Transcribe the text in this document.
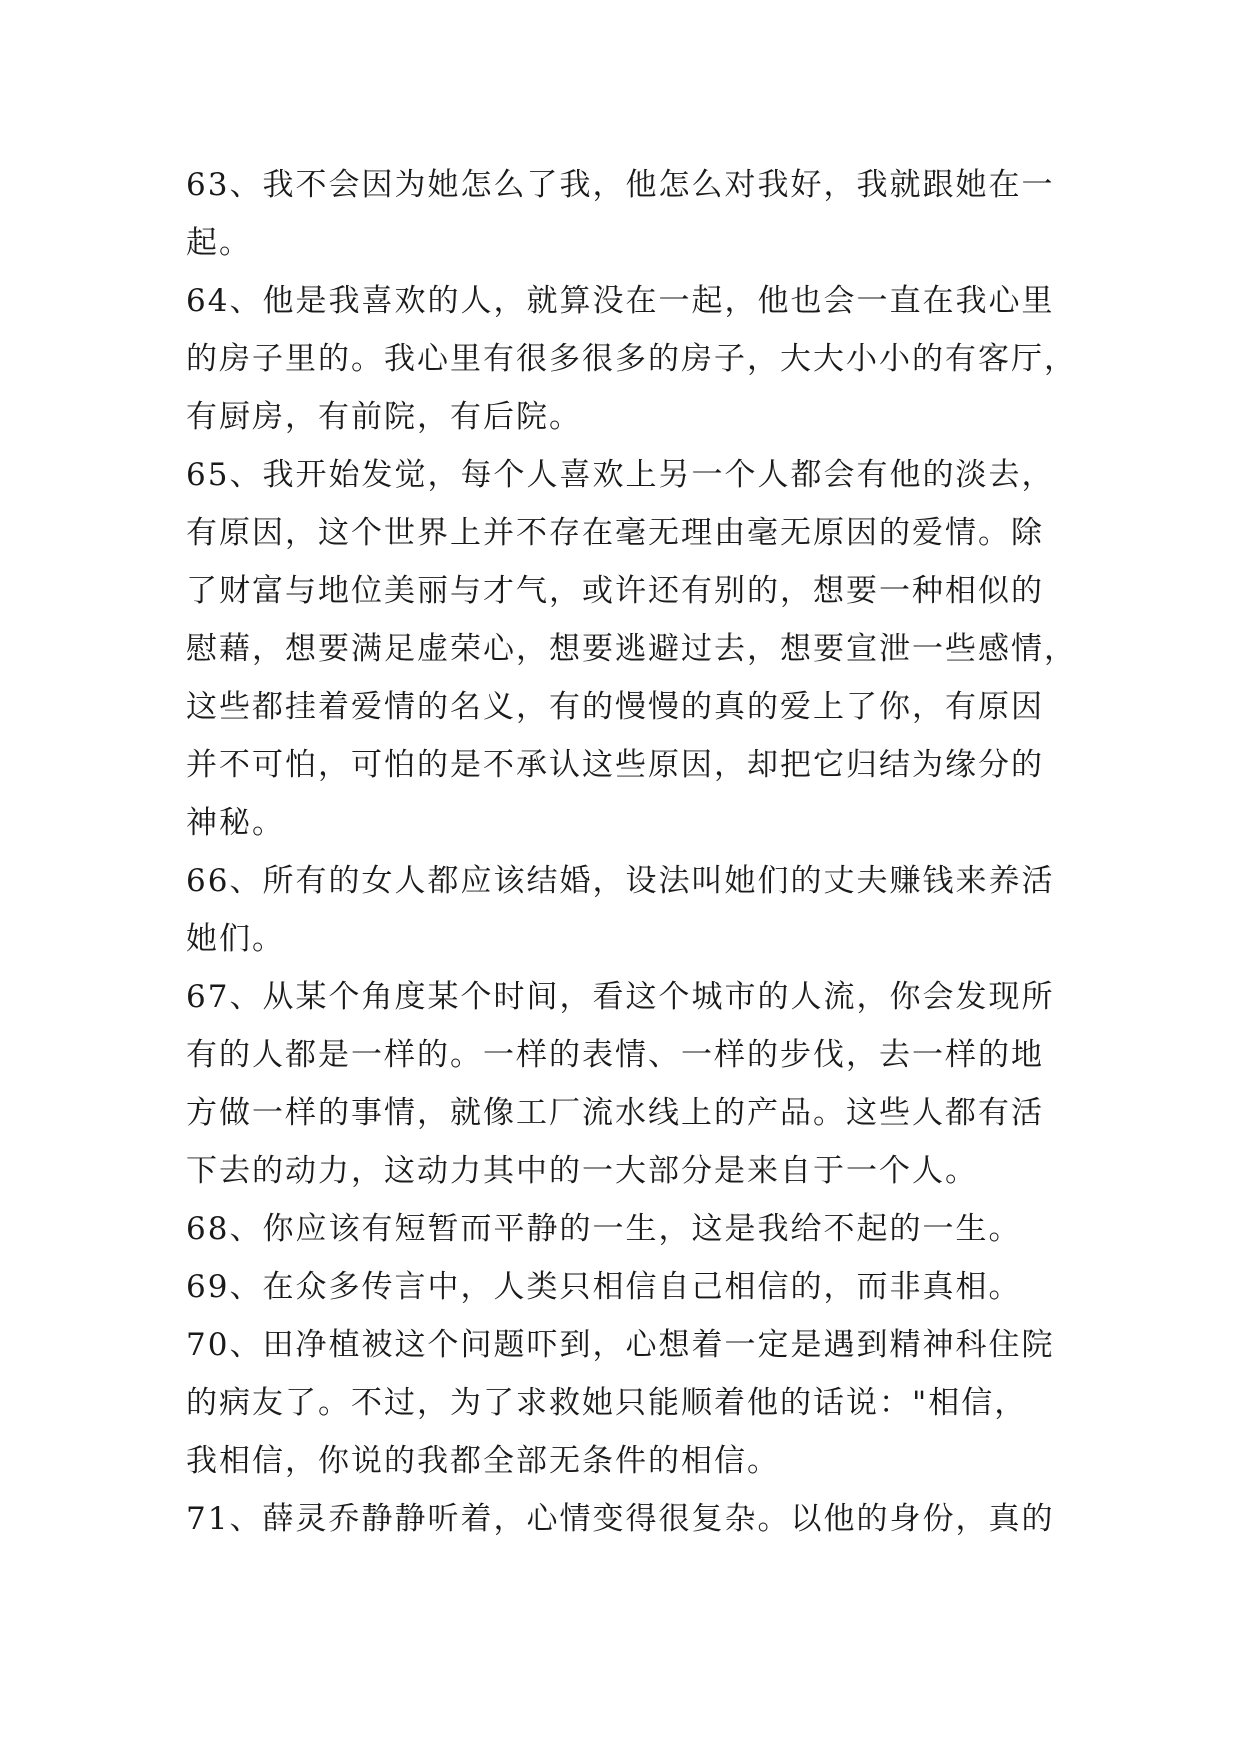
63、我不会因为她怎么了我，他怎么对我好，我就跟她在一
起。
64、他是我喜欢的人，就算没在一起，他也会一直在我心里
的房子里的。我心里有很多很多的房子，大大小小的有客厅，
有厨房，有前院，有后院。
65、我开始发觉，每个人喜欢上另一个人都会有他的淡去，
有原因，这个世界上并不存在毫无理由毫无原因的爱情。除
了财富与地位美丽与才气，或许还有别的，想要一种相似的
慰藉，想要满足虚荣心，想要逃避过去，想要宣泄一些感情，
这些都挂着爱情的名义，有的慢慢的真的爱上了你，有原因
并不可怕，可怕的是不承认这些原因，却把它归结为缘分的
神秘。
66、所有的女人都应该结婚，设法叫她们的丈夫赚钱来养活
她们。
67、从某个角度某个时间，看这个城市的人流，你会发现所
有的人都是一样的。一样的表情、一样的步伐，去一样的地
方做一样的事情，就像工厂流水线上的产品。这些人都有活
下去的动力，这动力其中的一大部分是来自于一个人。
68、你应该有短暂而平静的一生，这是我给不起的一生。
69、在众多传言中，人类只相信自己相信的，而非真相。
70、田净植被这个问题吓到，心想着一定是遇到精神科住院
的病友了。不过，为了求救她只能顺着他的话说："相信，
我相信，你说的我都全部无条件的相信。
71、薛灵乔静静听着，心情变得很复杂。以他的身份，真的
